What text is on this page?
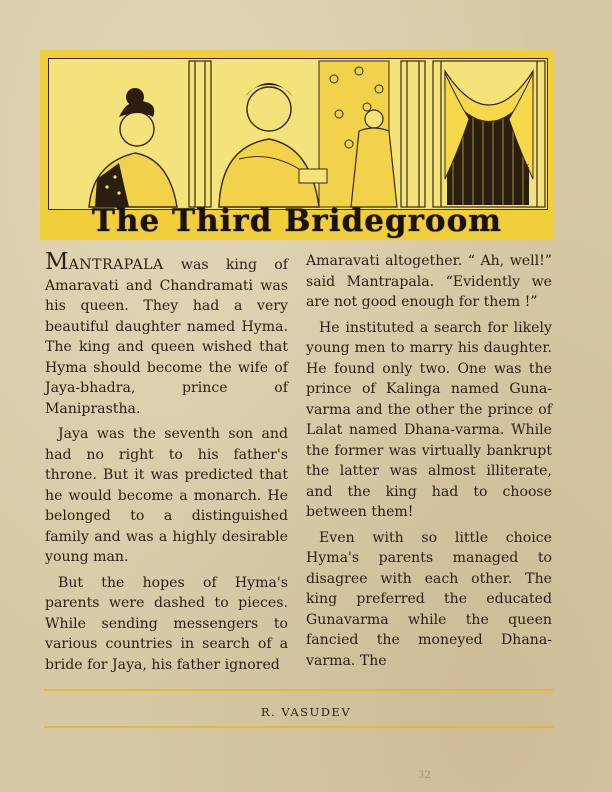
VAPA
The Third Bridegroom

MANTRAPALA was king of Amaravati and Chandramati was his queen. They had a very beautiful daughter named Hyma. The king and queen wished that Hyma should become the wife of Jaya-bhadra, prince of Maniprastha.

Jaya was the seventh son and had no right to his father's throne. But it was predicted that he would become a monarch. He belonged to a distinguished family and was a highly desirable young man.

But the hopes of Hyma's parents were dashed to pieces. While sending messengers to various countries in search of a bride for Jaya, his father ignored

Amaravati altogether. “ Ah, well!” said Mantrapala. “Evidently we are not good enough for them !”

He instituted a search for likely young men to marry his daughter. He found only two. One was the prince of Kalinga named Guna-varma and the other the prince of Lalat named Dhana-varma. While the former was virtually bankrupt the latter was almost illiterate, and the king had to choose between them!

Even with so little choice Hyma's parents managed to disagree with each other. The king preferred the educated Gunavarma while the queen fancied the moneyed Dhana-varma. The

R. VASUDEV
32
